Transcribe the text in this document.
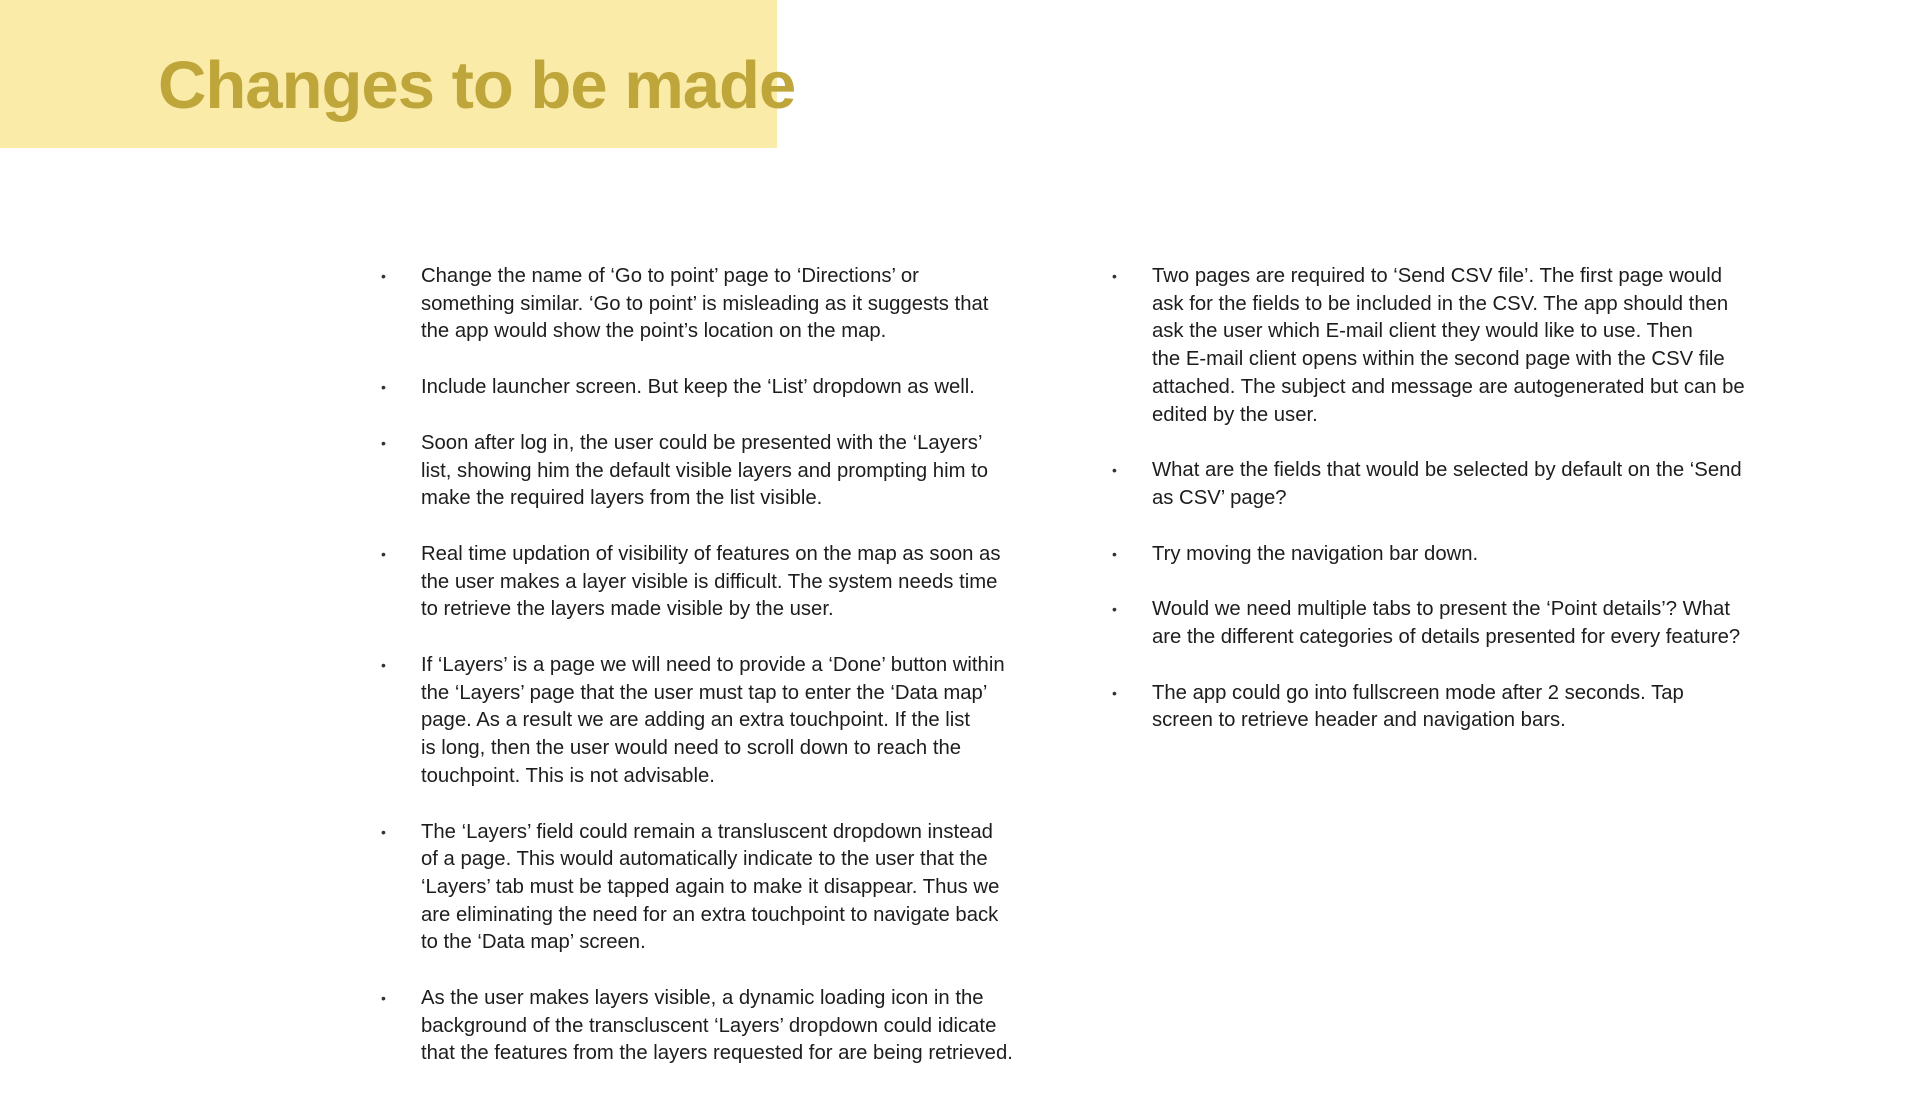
Changes to be made
•	Change the name of ‘Go to point’ page to ‘Directions’ or
something similar. ‘Go to point’ is misleading as it suggests that
the app would show the point’s location on the map.
•	Include launcher screen. But keep the ‘List’ dropdown as well.
•	Soon after log in, the user could be presented with the ‘Layers’
list, showing him the default visible layers and prompting him to
make the required layers from the list visible.
•	Real time updation of visibility of features on the map as soon as
the user makes a layer visible is difficult. The system needs time
to retrieve the layers made visible by the user.
•	If ‘Layers’ is a page we will need to provide a ‘Done’ button within
the ‘Layers’ page that the user must tap to enter the ‘Data map’
page. As a result we are adding an extra touchpoint. If the list
is long, then the user would need to scroll down to reach the
touchpoint. This is not advisable.
•	The ‘Layers’ field could remain a transluscent dropdown instead
of a page. This would automatically indicate to the user that the
‘Layers’ tab must be tapped again to make it disappear. Thus we
are eliminating the need for an extra touchpoint to navigate back
to the ‘Data map’ screen.
•	As the user makes layers visible, a dynamic loading icon in the
background of the transcluscent ‘Layers’ dropdown could idicate
that the features from the layers requested for are being retrieved.
•	Two pages are required to ‘Send CSV file’. The first page would
ask for the fields to be included in the CSV. The app should then
ask the user which E-mail client they would like to use. Then
the E-mail client opens within the second page with the CSV file
attached. The subject and message are autogenerated but can be
edited by the user.
•	What are the fields that would be selected by default on the ‘Send
as CSV’ page?
•	Try moving the navigation bar down.
•	Would we need multiple tabs to present the ‘Point details’? What
are the different categories of details presented for every feature?
•	The app could go into fullscreen mode after 2 seconds. Tap
screen to retrieve header and navigation bars.
